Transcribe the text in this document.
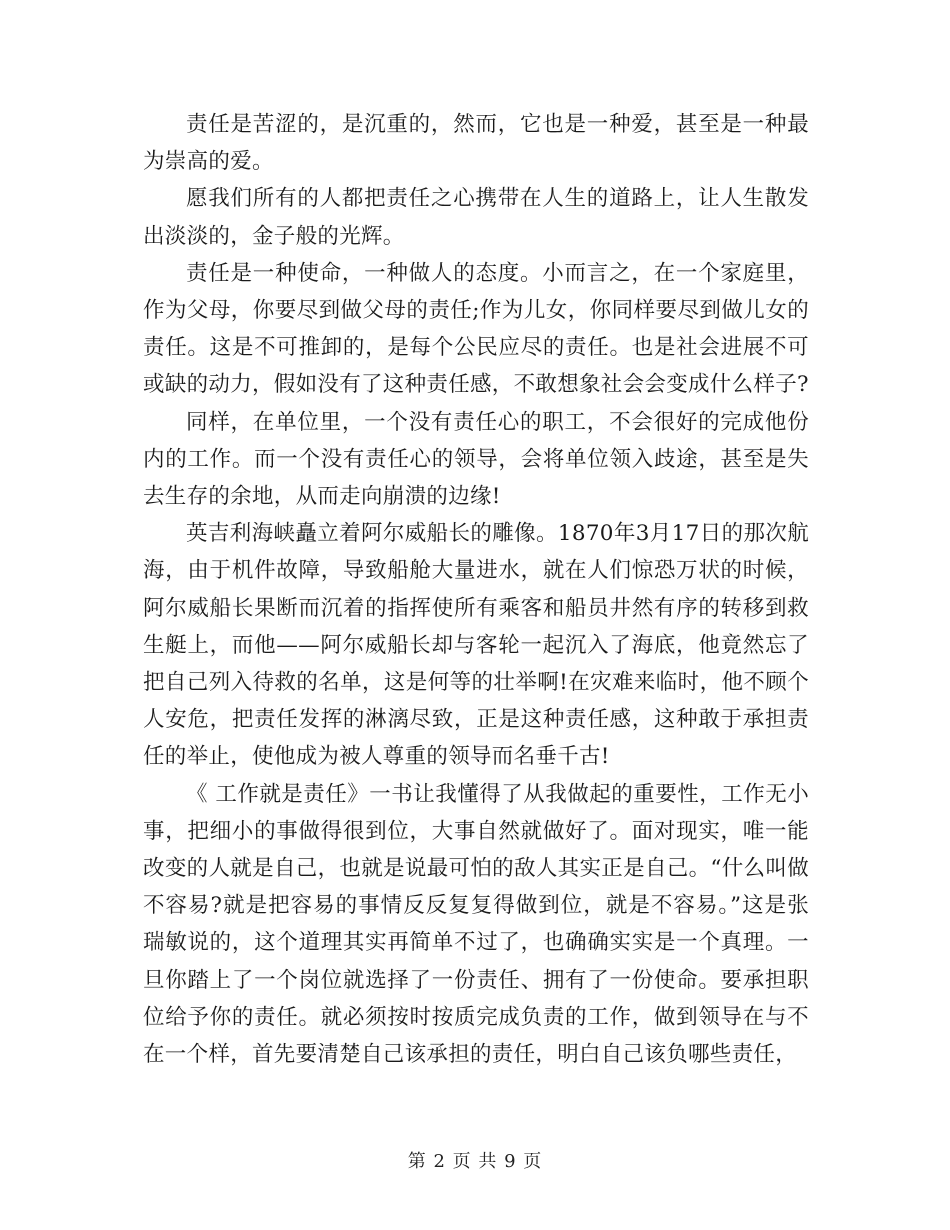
责任是苦涩的，是沉重的，然而，它也是一种爱，甚至是一种最为崇高的爱。

愿我们所有的人都把责任之心携带在人生的道路上，让人生散发出淡淡的，金子般的光辉。

责任是一种使命，一种做人的态度。小而言之，在一个家庭里，作为父母，你要尽到做父母的责任;作为儿女，你同样要尽到做儿女的责任。这是不可推卸的，是每个公民应尽的责任。也是社会进展不可或缺的动力，假如没有了这种责任感，不敢想象社会会变成什么样子?

同样，在单位里，一个没有责任心的职工，不会很好的完成他份内的工作。而一个没有责任心的领导，会将单位领入歧途，甚至是失去生存的余地，从而走向崩溃的边缘!

英吉利海峡矗立着阿尔威船长的雕像。1870年3月17日的那次航海，由于机件故障，导致船舱大量进水，就在人们惊恐万状的时候，阿尔威船长果断而沉着的指挥使所有乘客和船员井然有序的转移到救生艇上，而他——阿尔威船长却与客轮一起沉入了海底，他竟然忘了把自己列入待救的名单，这是何等的壮举啊!在灾难来临时，他不顾个人安危，把责任发挥的淋漓尽致，正是这种责任感，这种敢于承担责任的举止，使他成为被人尊重的领导而名垂千古!

《 工作就是责任》一书让我懂得了从我做起的重要性，工作无小事，把细小的事做得很到位，大事自然就做好了。面对现实，唯一能改变的人就是自己，也就是说最可怕的敌人其实正是自己。“什么叫做不容易?就是把容易的事情反反复复得做到位，就是不容易。”这是张瑞敏说的，这个道理其实再简单不过了，也确确实实是一个真理。一旦你踏上了一个岗位就选择了一份责任、拥有了一份使命。要承担职位给予你的责任。就必须按时按质完成负责的工作，做到领导在与不在一个样，首先要清楚自己该承担的责任，明白自己该负哪些责任，

第 2 页 共 9 页
